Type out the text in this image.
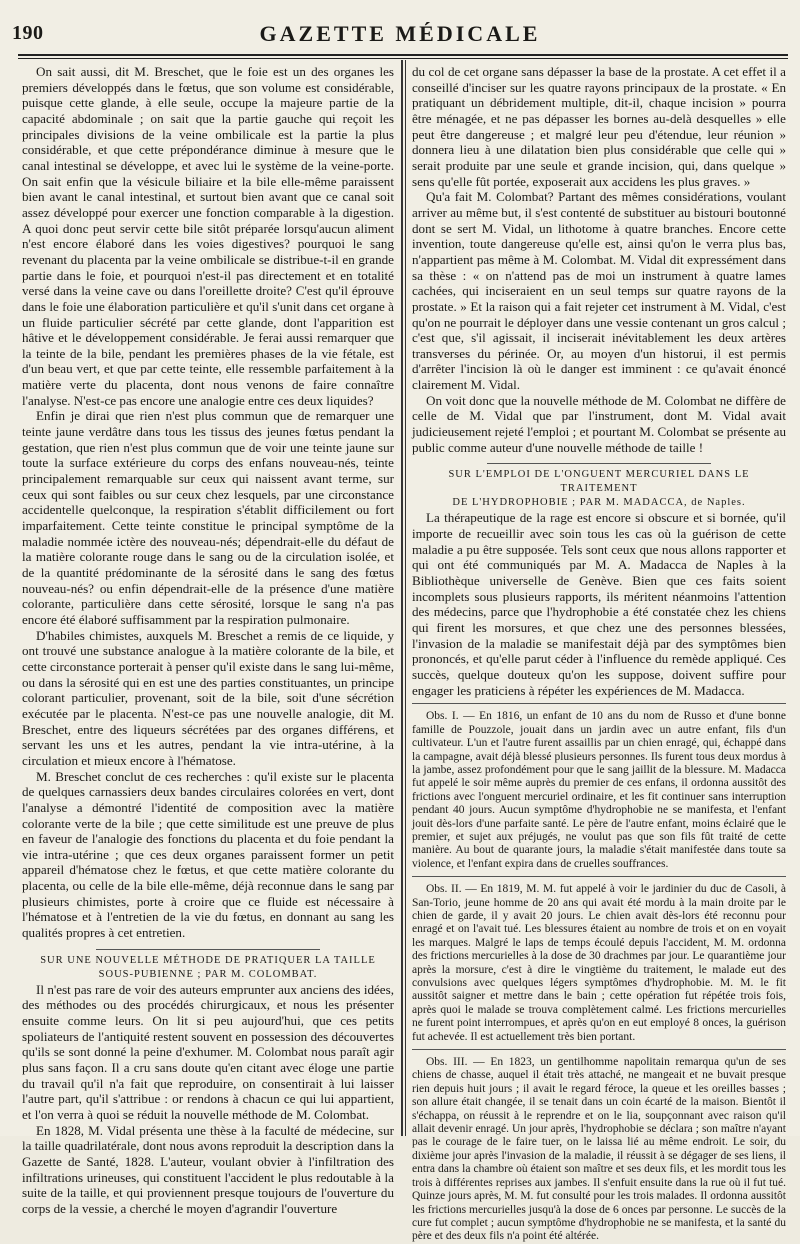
190	GAZETTE MÉDICALE

On sait aussi, dit M. Breschet, que le foie est un des organes les premiers développés dans le fœtus, que son volume est considérable, puisque cette glande, à elle seule, occupe la majeure partie de la capacité abdominale ; on sait que la partie gauche qui reçoit les principales divisions de la veine ombilicale est la partie la plus considérable, et que cette prépondérance diminue à mesure que le canal intestinal se développe, et avec lui le système de la veine-porte. On sait enfin que la vésicule biliaire et la bile elle-même paraissent bien avant le canal intestinal, et surtout bien avant que ce canal soit assez développé pour exercer une fonction comparable à la digestion. A quoi donc peut servir cette bile sitôt préparée lorsqu'aucun aliment n'est encore élaboré dans les voies digestives? pourquoi le sang revenant du placenta par la veine ombilicale se distribue-t-il en grande partie dans le foie, et pourquoi n'est-il pas directement et en totalité versé dans la veine cave ou dans l'oreillette droite? C'est qu'il éprouve dans le foie une élaboration particulière et qu'il s'unit dans cet organe à un fluide particulier sécrété par cette glande, dont l'apparition est hâtive et le développement considérable. Je ferai aussi remarquer que la teinte de la bile, pendant les premières phases de la vie fétale, est d'un beau vert, et que par cette teinte, elle ressemble parfaitement à la matière verte du placenta, dont nous venons de faire connaître l'analyse. N'est-ce pas encore une analogie entre ces deux liquides?

Enfin je dirai que rien n'est plus commun que de remarquer une teinte jaune verdâtre dans tous les tissus des jeunes fœtus pendant la gestation, que rien n'est plus commun que de voir une teinte jaune sur toute la surface extérieure du corps des enfans nouveau-nés, teinte principalement remarquable sur ceux qui naissent avant terme, sur ceux qui sont faibles ou sur ceux chez lesquels, par une circonstance accidentelle quelconque, la respiration s'établit difficilement ou fort imparfaitement. Cette teinte constitue le principal symptôme de la maladie nommée ictère des nouveau-nés; dépendrait-elle du défaut de la matière colorante rouge dans le sang ou de la circulation isolée, et de la quantité prédominante de la sérosité dans le sang des fœtus nouveau-nés? ou enfin dépendrait-elle de la présence d'une matière colorante, particulière dans cette sérosité, lorsque le sang n'a pas encore été élaboré suffisamment par la respiration pulmonaire.

D'habiles chimistes, auxquels M. Breschet a remis de ce liquide, y ont trouvé une substance analogue à la matière colorante de la bile, et cette circonstance porterait à penser qu'il existe dans le sang lui-même, ou dans la sérosité qui en est une des parties constituantes, un principe colorant particulier, provenant, soit de la bile, soit d'une sécrétion exécutée par le placenta. N'est-ce pas une nouvelle analogie, dit M. Breschet, entre des liqueurs sécrétées par des organes différens, et servant les uns et les autres, pendant la vie intra-utérine, à la circulation et mieux encore à l'hématose.

M. Breschet conclut de ces recherches : qu'il existe sur le placenta de quelques carnassiers deux bandes circulaires colorées en vert, dont l'analyse a démontré l'identité de composition avec la matière colorante verte de la bile ; que cette similitude est une preuve de plus en faveur de l'analogie des fonctions du placenta et du foie pendant la vie intra-utérine ; que ces deux organes paraissent former un petit appareil d'hématose chez le fœtus, et que cette matière colorante du placenta, ou celle de la bile elle-même, déjà reconnue dans le sang par plusieurs chimistes, porte à croire que ce fluide est nécessaire à l'hématose et à l'entretien de la vie du fœtus, en donnant au sang les qualités propres à cet entretien.

SUR UNE NOUVELLE MÉTHODE DE PRATIQUER LA TAILLE

SOUS-PUBIENNE ; PAR M. COLOMBAT.

Il n'est pas rare de voir des auteurs emprunter aux anciens des idées, des méthodes ou des procédés chirurgicaux, et nous les présenter ensuite comme leurs. On lit si peu aujourd'hui, que ces petits spoliateurs de l'antiquité restent souvent en possession des découvertes qu'ils se sont donné la peine d'exhumer. M. Colombat nous paraît agir plus sans façon. Il a cru sans doute qu'en citant avec éloge une partie du travail qu'il n'a fait que reproduire, on consentirait à lui laisser l'autre part, qu'il s'attribue : or rendons à chacun ce qui lui appartient, et l'on verra à quoi se réduit la nouvelle méthode de M. Colombat.

En 1828, M. Vidal présenta une thèse à la faculté de médecine, sur la taille quadrilatérale, dont nous avons reproduit la description dans la Gazette de Santé, 1828. L'auteur, voulant obvier à l'infiltration des infiltrations urineuses, qui constituent l'accident le plus redoutable à la suite de la taille, et qui proviennent presque toujours de l'ouverture du corps de la vessie, a cherché le moyen d'agrandir l'ouverture

du col de cet organe sans dépasser la base de la prostate. A cet effet il a conseillé d'inciser sur les quatre rayons principaux de la prostate. « En pratiquant un débridement multiple, dit-il, chaque incision » pourra être ménagée, et ne pas dépasser les bornes au-delà desquelles » elle peut être dangereuse ; et malgré leur peu d'étendue, leur réunion » donnera lieu à une dilatation bien plus considérable que celle qui » serait produite par une seule et grande incision, qui, dans quelque » sens qu'elle fût portée, exposerait aux accidens les plus graves. »

Qu'a fait M. Colombat? Partant des mêmes considérations, voulant arriver au même but, il s'est contenté de substituer au bistouri boutonné dont se sert M. Vidal, un lithotome à quatre branches. Encore cette invention, toute dangereuse qu'elle est, ainsi qu'on le verra plus bas, n'appartient pas même à M. Colombat. M. Vidal dit expressément dans sa thèse : « on n'attend pas de moi un instrument à quatre lames cachées, qui inciseraient en un seul temps sur quatre rayons de la prostate. » Et la raison qui a fait rejeter cet instrument à M. Vidal, c'est qu'on ne pourrait le déployer dans une vessie contenant un gros calcul ; c'est que, s'il agissait, il inciserait inévitablement les deux artères transverses du périnée. Or, au moyen d'un historui, il est permis d'arrêter l'incision là où le danger est imminent : ce qu'avait énoncé clairement M. Vidal.

On voit donc que la nouvelle méthode de M. Colombat ne diffère de celle de M. Vidal que par l'instrument, dont M. Vidal avait judicieusement rejeté l'emploi ; et pourtant M. Colombat se présente au public comme auteur d'une nouvelle méthode de taille !

SUR L'EMPLOI DE L'ONGUENT MERCURIEL DANS LE TRAITEMENT

DE L'HYDROPHOBIE ; PAR M. MADACCA, de Naples.

La thérapeutique de la rage est encore si obscure et si bornée, qu'il importe de recueillir avec soin tous les cas où la guérison de cette maladie a pu être supposée. Tels sont ceux que nous allons rapporter et qui ont été communiqués par M. A. Madacca de Naples à la Bibliothèque universelle de Genève. Bien que ces faits soient incomplets sous plusieurs rapports, ils méritent néanmoins l'attention des médecins, parce que l'hydrophobie a été constatée chez les chiens qui firent les morsures, et que chez une des personnes blessées, l'invasion de la maladie se manifestait déjà par des symptômes bien prononcés, et qu'elle parut céder à l'influence du remède appliqué. Ces succès, quelque douteux qu'on les suppose, doivent suffire pour engager les praticiens à répéter les expériences de M. Madacca.

Obs. I. — En 1816, un enfant de 10 ans du nom de Russo et d'une bonne famille de Pouzzole, jouait dans un jardin avec un autre enfant, fils d'un cultivateur. L'un et l'autre furent assaillis par un chien enragé, qui, échappé dans la campagne, avait déjà blessé plusieurs personnes. Ils furent tous deux mordus à la jambe, assez profondément pour que le sang jaillit de la blessure. M. Madacca fut appelé le soir même auprès du premier de ces enfans, il ordonna aussitôt des frictions avec l'onguent mercuriel ordinaire, et les fit continuer sans interruption pendant 40 jours. Aucun symptôme d'hydrophobie ne se manifesta, et l'enfant jouit dès-lors d'une parfaite santé. Le père de l'autre enfant, moins éclairé que le premier, et sujet aux préjugés, ne voulut pas que son fils fût traité de cette manière. Au bout de quarante jours, la maladie s'était manifestée dans toute sa violence, et l'enfant expira dans de cruelles souffrances.

Obs. II. — En 1819, M. M. fut appelé à voir le jardinier du duc de Casoli, à San-Torio, jeune homme de 20 ans qui avait été mordu à la main droite par le chien de garde, il y avait 20 jours. Le chien avait dès-lors été reconnu pour enragé et on l'avait tué. Les blessures étaient au nombre de trois et on en voyait les marques. Malgré le laps de temps écoulé depuis l'accident, M. M. ordonna des frictions mercurielles à la dose de 30 drachmes par jour. Le quarantième jour après la morsure, c'est à dire le vingtième du traitement, le malade eut des convulsions avec quelques légers symptômes d'hydrophobie. M. M. le fit aussitôt saigner et mettre dans le bain ; cette opération fut répétée trois fois, après quoi le malade se trouva complètement calmé. Les frictions mercurielles ne furent point interrompues, et après qu'on en eut employé 8 onces, la guérison fut achevée. Il est actuellement très bien portant.

Obs. III. — En 1823, un gentilhomme napolitain remarqua qu'un de ses chiens de chasse, auquel il était très attaché, ne mangeait et ne buvait presque rien depuis huit jours ; il avait le regard féroce, la queue et les oreilles basses ; son allure était changée, il se tenait dans un coin écarté de la maison. Bientôt il s'échappa, on réussit à le reprendre et on le lia, soupçonnant avec raison qu'il allait devenir enragé. Un jour après, l'hydrophobie se déclara ; son maître n'ayant pas le courage de le faire tuer, on le laissa lié au même endroit. Le soir, du dixième jour après l'invasion de la maladie, il réussit à se dégager de ses liens, il entra dans la chambre où étaient son maître et ses deux fils, et les mordit tous les trois à différentes reprises aux jambes. Il s'enfuit ensuite dans la rue où il fut tué. Quinze jours après, M. M. fut consulté pour les trois malades. Il ordonna aussitôt les frictions mercurielles jusqu'à la dose de 6 onces par personne. Le succès de la cure fut complet ; aucun symptôme d'hydrophobie ne se manifesta, et la santé du père et des deux fils n'a point été altérée.
